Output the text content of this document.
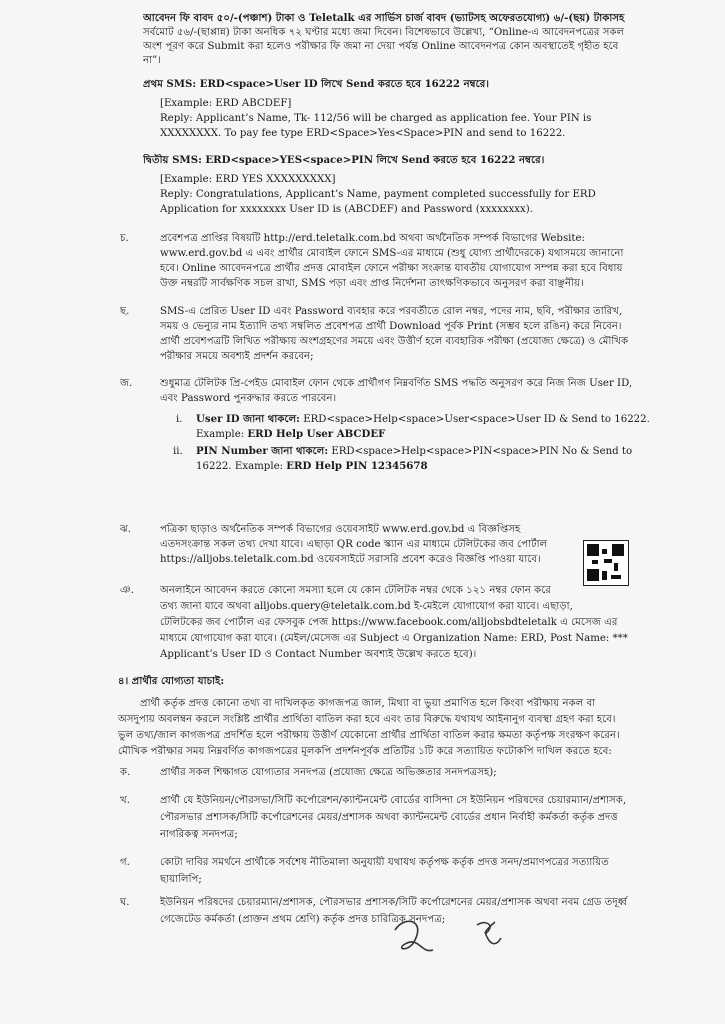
আবেদন ফি বাবদ ৫০/-(পঞ্চাশ) টাকা ও Teletalk এর সার্ভিস চার্জ বাবদ (ভ্যাটসহ অফেরতযোগ্য) ৬/-(ছয়) টাকাসহ
সর্বমোট ৫৬/-(ছাপ্পান্ন) টাকা অনধিক ৭২ ঘণ্টার মধ্যে জমা দিবেন। বিশেষভাবে উল্লেখ্য, “Online-এ আবেদনপত্রের সকল
অংশ পূরণ করে Submit করা হলেও পরীক্ষার ফি জমা না দেয়া পর্যন্ত Online আবেদনপত্র কোন অবস্থাতেই গৃহীত হবে
না”।
প্রথম SMS: ERD<space>User ID লিখে Send করতে হবে 16222 নম্বরে।
[Example: ERD ABCDEF]
Reply: Applicant’s Name, Tk- 112/56 will be charged as application fee. Your PIN is
XXXXXXXX. To pay fee type ERD<Space>Yes<Space>PIN and send to 16222.
দ্বিতীয় SMS: ERD<space>YES<space>PIN লিখে Send করতে হবে 16222 নম্বরে।
[Example: ERD YES XXXXXXXXX]
Reply: Congratulations, Applicant’s Name, payment completed successfully for ERD
Application for xxxxxxxx User ID is (ABCDEF) and Password (xxxxxxxx).
চ.	প্রবেশপত্র প্রাপ্তির বিষয়টি http://erd.teletalk.com.bd অথবা অর্থনৈতিক সম্পর্ক বিভাগের Website:
www.erd.gov.bd এ এবং প্রার্থীর মোবাইল ফোনে SMS-এর মাধ্যমে (শুধু যোগ্য প্রার্থীদেরকে) যথাসময়ে জানানো
হবে। Online আবেদনপত্রে প্রার্থীর প্রদত্ত মোবাইল ফোনে পরীক্ষা সংক্রান্ত যাবতীয় যোগাযোগ সম্পন্ন করা হবে বিধায়
উক্ত নম্বরটি সার্বক্ষণিক সচল রাখা, SMS পড়া এবং প্রাপ্ত নির্দেশনা তাৎক্ষণিকভাবে অনুসরণ করা বাঞ্ছনীয়।
ছ.	SMS-এ প্রেরিত User ID এবং Password ব্যবহার করে পরবর্তীতে রোল নম্বর, পদের নাম, ছবি, পরীক্ষার তারিখ,
সময় ও ভেন্যুর নাম ইত্যাদি তথ্য সম্বলিত প্রবেশপত্র প্রার্থী Download পূর্বক Print (সম্ভব হলে রঙিন) করে নিবেন।
প্রার্থী প্রবেশপত্রটি লিখিত পরীক্ষায় অংশগ্রহণের সময়ে এবং উত্তীর্ণ হলে ব্যবহারিক পরীক্ষা (প্রযোজ্য ক্ষেত্রে) ও মৌখিক
পরীক্ষার সময়ে অবশ্যই প্রদর্শন করবেন;
জ.	শুধুমাত্র টেলিটক প্রি-পেইড মোবাইল ফোন থেকে প্রার্থীগণ নিম্নবর্ণিত SMS পদ্ধতি অনুসরণ করে নিজ নিজ User ID,
এবং Password পুনরুদ্ধার করতে পারবেন।
i. User ID জানা থাকলে: ERD<space>Help<space>User<space>User ID & Send to 16222.
Example: ERD Help User ABCDEF
ii. PIN Number জানা থাকলে: ERD<space>Help<space>PIN<space>PIN No & Send to
16222. Example: ERD Help PIN 12345678
ঝ.	পত্রিকা ছাড়াও অর্থনৈতিক সম্পর্ক বিভাগের ওয়েবসাইট www.erd.gov.bd এ বিজ্ঞপ্তিসহ
এতদসংক্রান্ত সকল তথ্য দেখা যাবে। এছাড়া QR code স্ক্যান এর মাধ্যমে টেলিটকের জব পোর্টাল
https://alljobs.teletalk.com.bd ওয়েবসাইটে সরাসরি প্রবেশ করেও বিজ্ঞপ্তি পাওয়া যাবে।
ঞ.	অনলাইনে আবেদন করতে কোনো সমস্যা হলে যে কোন টেলিটক নম্বর থেকে ১২১ নম্বর ফোন করে
তথ্য জানা যাবে অথবা alljobs.query@teletalk.com.bd ই-মেইলে যোগাযোগ করা যাবে। এছাড়া,
টেলিটকের জব পোর্টাল এর ফেসবুক পেজ https://www.facebook.com/alljobsbdteletalk এ মেসেজ এর
মাধ্যমে যোগাযোগ করা যাবে। (মেইল/মেসেজ এর Subject এ Organization Name: ERD, Post Name: ***
Applicant’s User ID ও Contact Number অবশ্যই উল্লেখ করতে হবে)।
৪। প্রার্থীর যোগ্যতা যাচাই:
প্রার্থী কর্তৃক প্রদত্ত কোনো তথ্য বা দাখিলকৃত কাগজপত্র জাল, মিথ্যা বা ভুয়া প্রমাণিত হলে কিংবা পরীক্ষায় নকল বা
অসদুপায় অবলম্বন করলে সংশ্লিষ্ট প্রার্থীর প্রার্থিতা বাতিল করা হবে এবং তার বিরুদ্ধে যথাযথ আইনানুগ ব্যবস্থা গ্রহণ করা হবে।
ভুল তথ্য/জাল কাগজপত্র প্রদর্শিত হলে পরীক্ষায় উত্তীর্ণ যেকোনো প্রার্থীর প্রার্থিতা বাতিল করার ক্ষমতা কর্তৃপক্ষ সংরক্ষণ করেন।
মৌখিক পরীক্ষার সময় নিম্নবর্ণিত কাগজপত্রের মূলকপি প্রদর্শনপূর্বক প্রতিটির ১টি করে সত্যায়িত ফটোকপি দাখিল করতে হবে:
ক.	প্রার্থীর সকল শিক্ষাগত যোগ্যতার সনদপত্র (প্রযোজ্য ক্ষেত্রে অভিজ্ঞতার সনদপত্রসহ);
খ.	প্রার্থী যে ইউনিয়ন/পৌরসভা/সিটি কর্পোরেশন/ক্যান্টনমেন্ট বোর্ডের বাসিন্দা সে ইউনিয়ন পরিষদের চেয়ারম্যান/প্রশাসক,
পৌরসভার প্রশাসক/সিটি কর্পোরেশনের মেয়র/প্রশাসক অথবা ক্যান্টনমেন্ট বোর্ডের প্রধান নির্বাহী কর্মকর্তা কর্তৃক প্রদত্ত
নাগরিকত্ব সনদপত্র;
গ.	কোটা দাবির সমর্থনে প্রার্থীকে সর্বশেষ নীতিমালা অনুযায়ী যথাযথ কর্তৃপক্ষ কর্তৃক প্রদত্ত সনদ/প্রমাণপত্রের সত্যায়িত
ছায়ালিপি;
ঘ.	ইউনিয়ন পরিষদের চেয়ারম্যান/প্রশাসক, পৌরসভার প্রশাসক/সিটি কর্পোরেশনের মেয়র/প্রশাসক অথবা নবম গ্রেড তদূর্ধ্ব
গেজেটেড কর্মকর্তা (প্রাক্তন প্রথম শ্রেণি) কর্তৃক প্রদত্ত চারিত্রিক সনদপত্র;
